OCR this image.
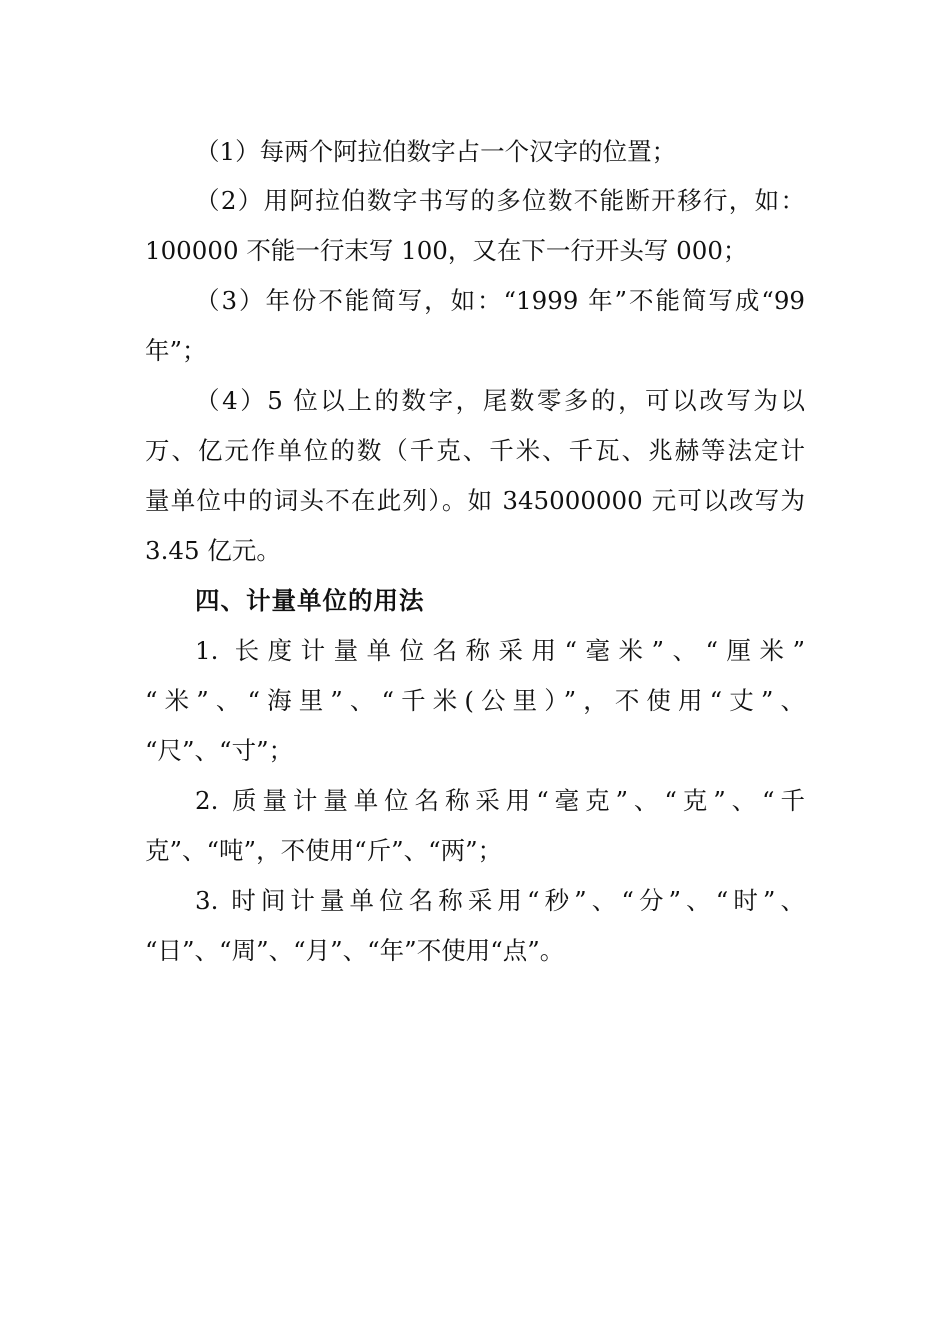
（1）每两个阿拉伯数字占一个汉字的位置；
（2）用阿拉伯数字书写的多位数不能断开移行，如：
100000 不能一行末写 100，又在下一行开头写 000；
（3）年份不能简写，如：“1999 年”不能简写成“99
年”；
（4）5 位以上的数字，尾数零多的，可以改写为以
万、亿元作单位的数（千克、千米、千瓦、兆赫等法定计
量单位中的词头不在此列）。如 345000000 元可以改写为
3.45 亿元。
四、计量单位的用法
1. 长度计量单位名称采用“毫米”、“厘米”
“米”、“海里”、“千米(公里）”，不使用“丈”、
“尺”、“寸”；
2. 质量计量单位名称采用“毫克”、“克”、“千
克”、“吨”，不使用“斤”、“两”；
3. 时间计量单位名称采用“秒”、“分”、“时”、
“日”、“周”、“月”、“年”不使用“点”。
